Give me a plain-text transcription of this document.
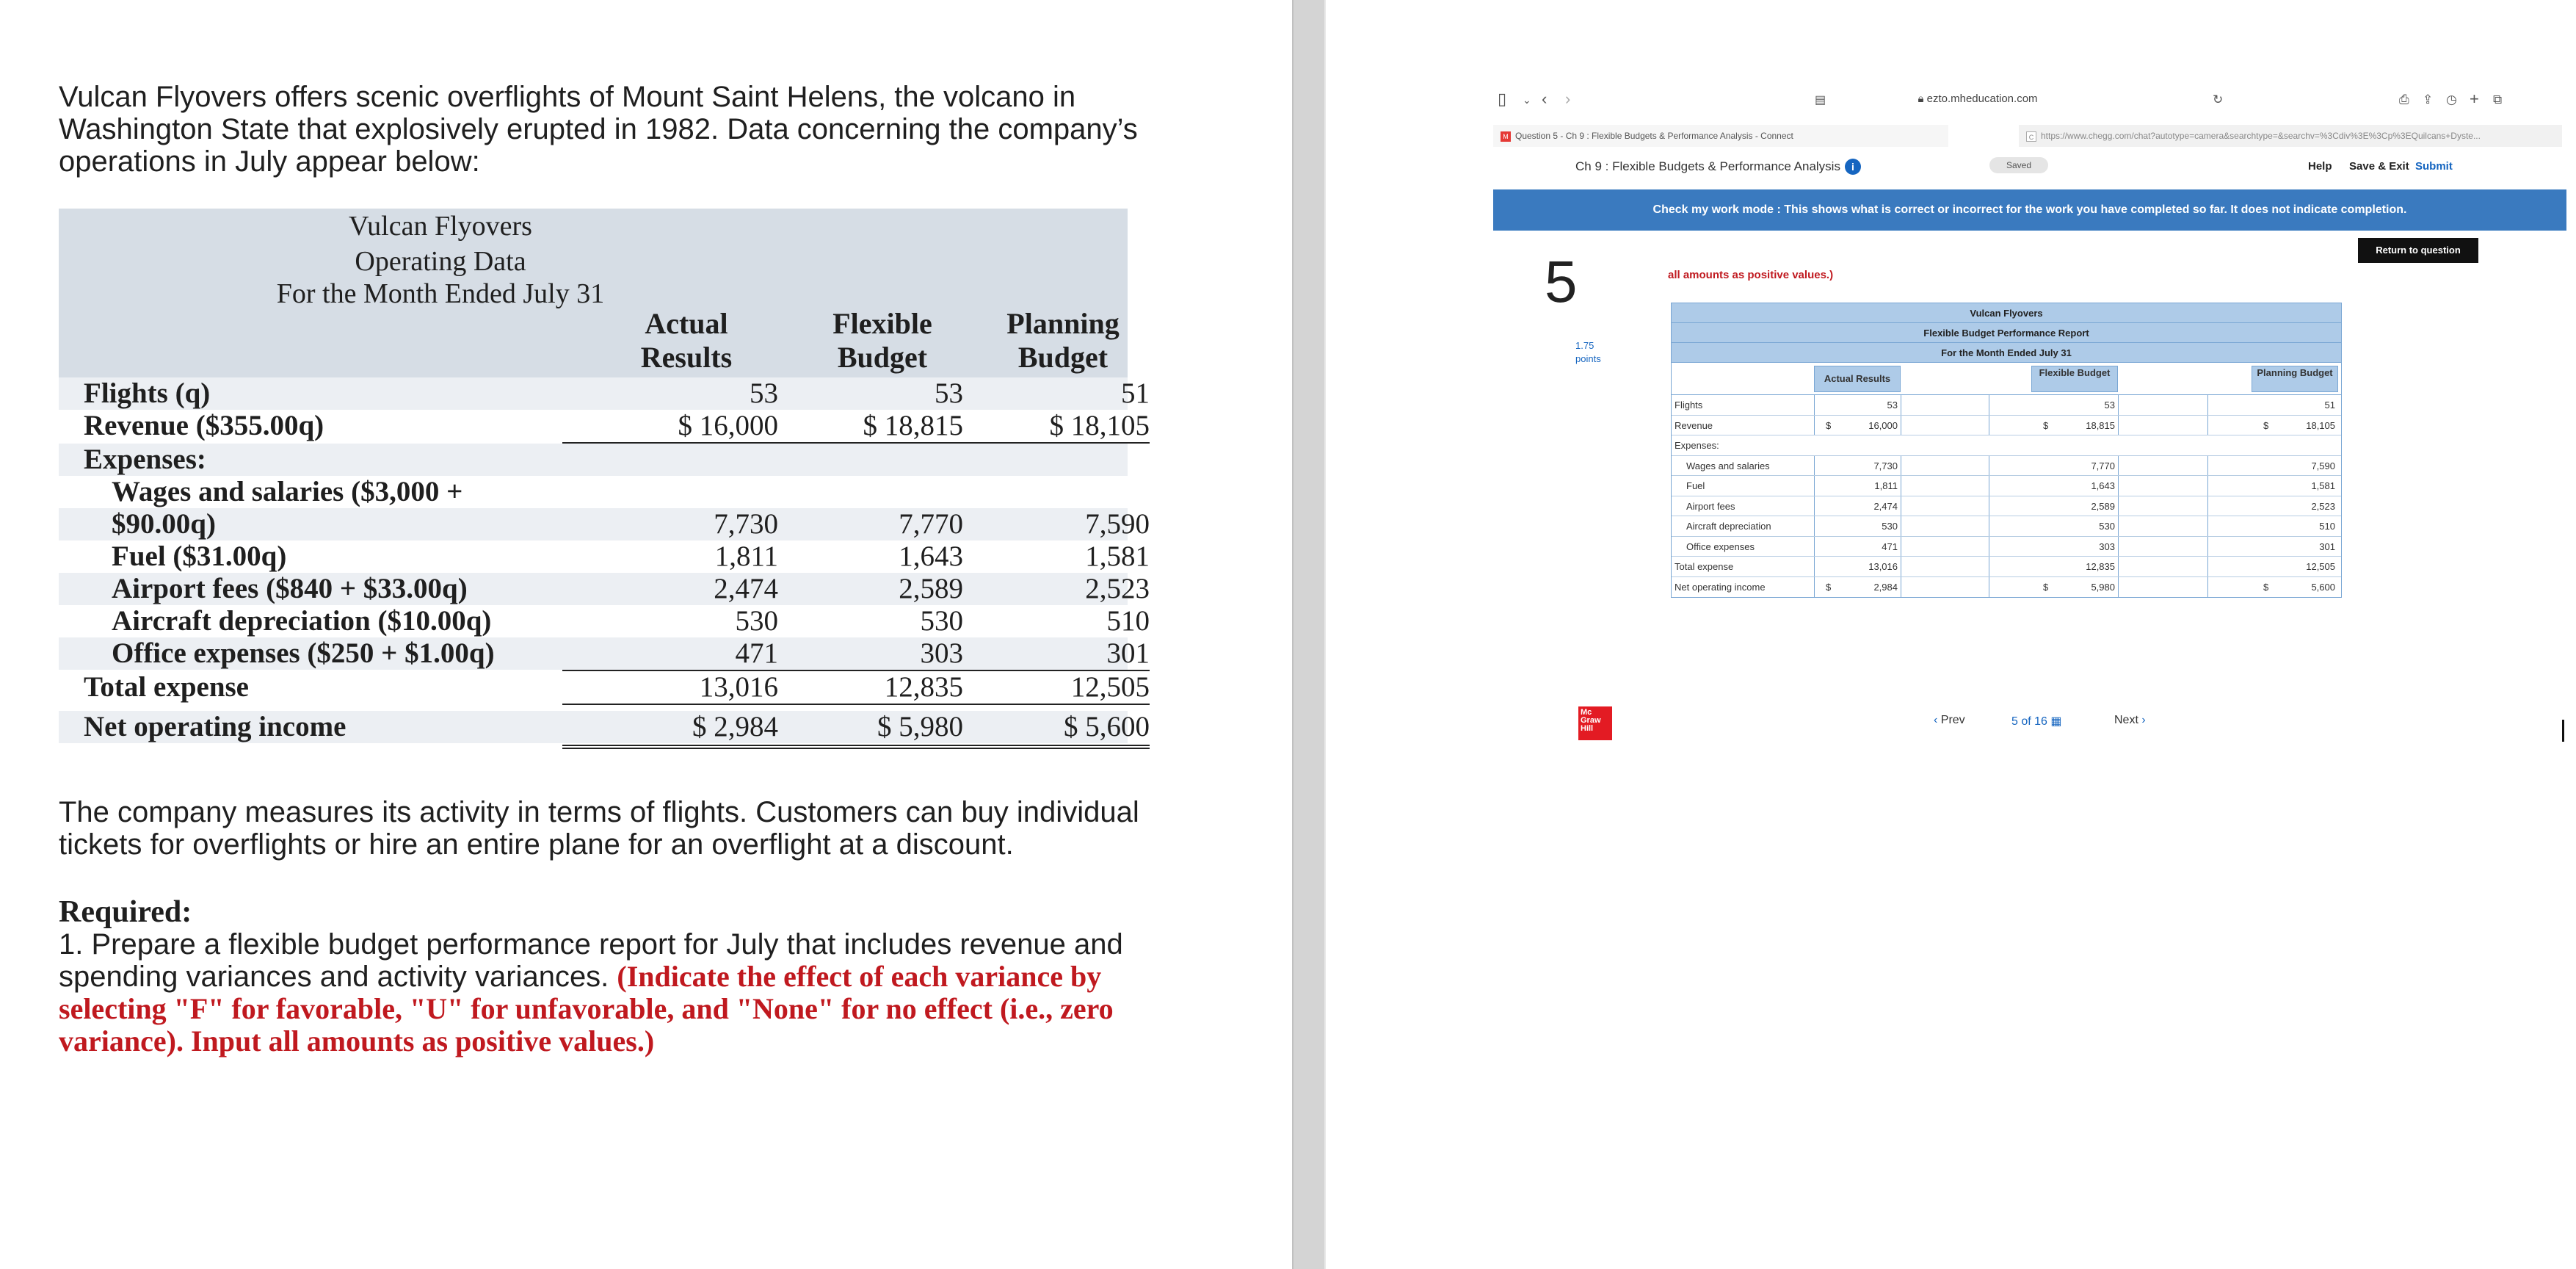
Vulcan Flyovers offers scenic overflights of Mount Saint Helens, the volcano in Washington State that explosively erupted in 1982. Data concerning the company’s operations in July appear below:

Vulcan Flyovers
Operating Data
For the Month Ended July 31
Actual
Results
Flexible
Budget
Planning
Budget
Flights (q)	53	53	51
Revenue ($355.00q)	$ 16,000	$ 18,815	$ 18,105
Expenses:
Wages and salaries ($3,000 +
$90.00q)	7,730	7,770	7,590
Fuel ($31.00q)	1,811	1,643	1,581
Airport fees ($840 + $33.00q)	2,474	2,589	2,523
Aircraft depreciation ($10.00q)	530	530	510
Office expenses ($250 + $1.00q)	471	303	301
Total expense	13,016	12,835	12,505
Net operating income	$ 2,984	$ 5,980	$ 5,600

The company measures its activity in terms of flights. Customers can buy individual tickets for overflights or hire an entire plane for an overflight at a discount.

Required:
1. Prepare a flexible budget performance report for July that includes revenue and spending variances and activity variances. (Indicate the effect of each variance by selecting "F" for favorable, "U" for unfavorable, and "None" for no effect (i.e., zero variance). Input all amounts as positive values.)
▯ ⌄ ‹ ›	▤	🔒︎ ezto.mheducation.com	↻	⎙ ⇪ ◷ + ⧉
M Question 5 - Ch 9 : Flexible Budgets & Performance Analysis - Connect	C https://www.chegg.com/chat?autotype=camera&searchtype=&searchv=%3Cdiv%3E%3Cp%3EQuilcans+Dyste...
Ch 9 : Flexible Budgets & Performance Analysis i	Saved	Help Save & Exit Submit
Check my work mode : This shows what is correct or incorrect for the work you have completed so far. It does not indicate completion.
Return to question
5
1.75
points
all amounts as positive values.)
Vulcan Flyovers
Flexible Budget Performance Report
For the Month Ended July 31
Actual Results
Flexible Budget	Planning Budget
Flights	53	53	51
Revenue	$	16,000	$	18,815	$	18,105
Expenses:
Wages and salaries	7,730	7,770	7,590
Fuel	1,811	1,643	1,581
Airport fees	2,474	2,589	2,523
Aircraft depreciation	530	530	510
Office expenses	471	303	301
Total expense	13,016	12,835	12,505
Net operating income	$	2,984	$	5,980	$	5,600
Mc Graw Hill
‹ Prev	5 of 16 ▦	Next ›
